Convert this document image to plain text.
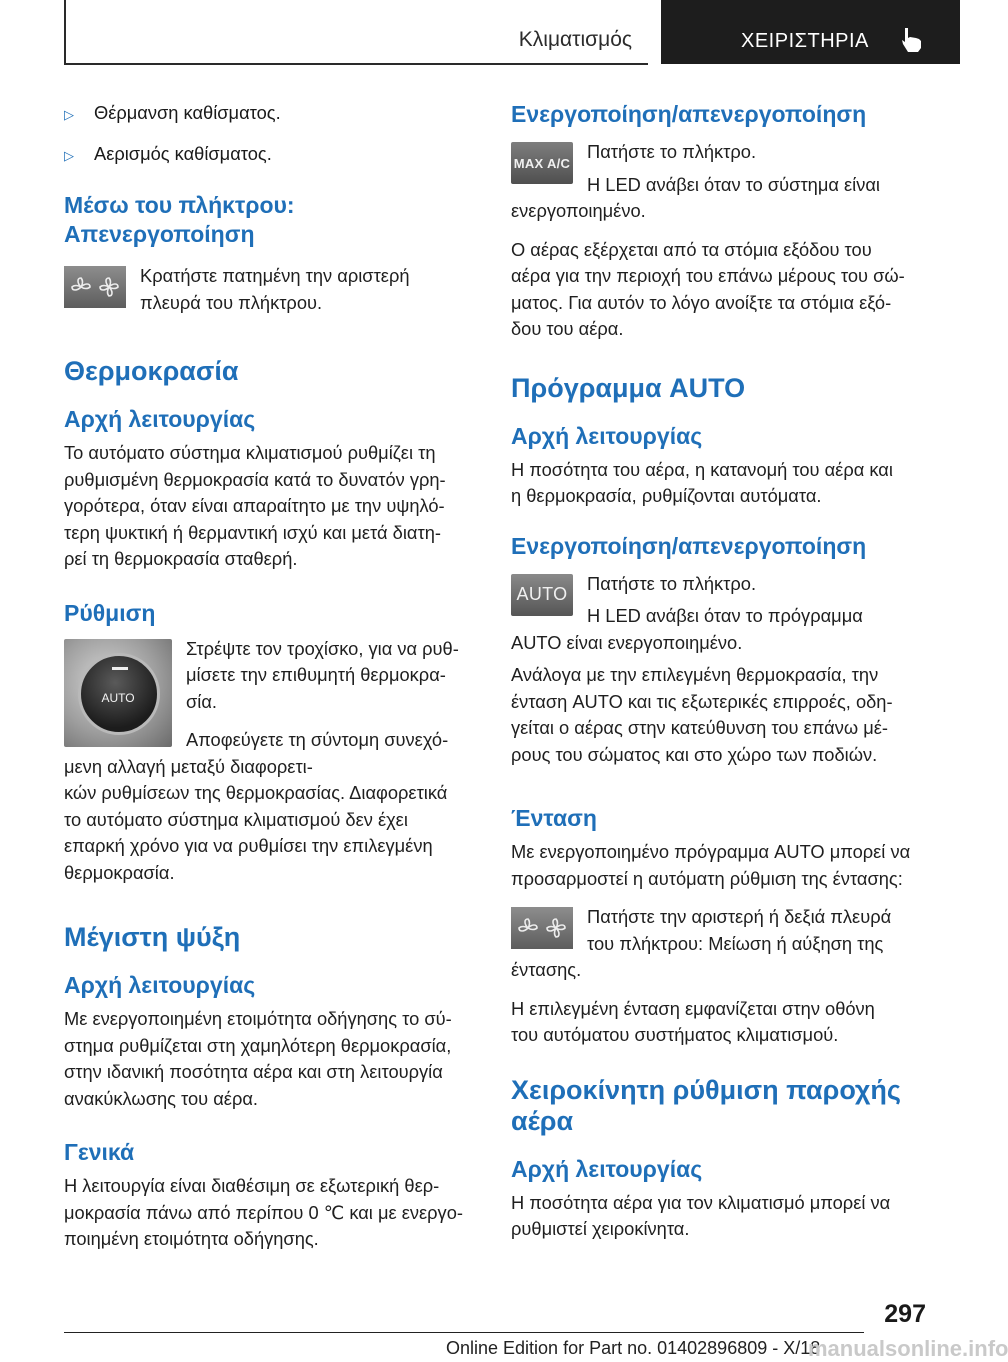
Κλιματισμός	ΧΕΙΡΙΣΤΗΡΙΑ
▷	Θέρμανση καθίσματος.
▷	Αερισμός καθίσματος.
Μέσω του πλήκτρου:
Απενεργοποίηση

Κρατήστε πατημένη την αριστερή
πλευρά του πλήκτρου.

Θερμοκρασία
Αρχή λειτουργίας

Το αυτόματο σύστημα κλιματισμού ρυθμίζει τη
ρυθμισμένη θερμοκρασία κατά το δυνατόν γρη-
γορότερα, όταν είναι απαραίτητο με την υψηλό-
τερη ψυκτική ή θερμαντική ισχύ και μετά διατη-
ρεί τη θερμοκρασία σταθερή.

Ρύθμιση
AUTO

Στρέψτε τον τροχίσκο, για να ρυθ-
μίσετε την επιθυμητή θερμοκρα-
σία.

Αποφεύγετε τη σύντομη συνεχό-
μενη αλλαγή μεταξύ διαφορετι-
κών ρυθμίσεων της θερμοκρασίας. Διαφορετικά
το αυτόματο σύστημα κλιματισμού δεν έχει
επαρκή χρόνο για να ρυθμίσει την επιλεγμένη
θερμοκρασία.

Μέγιστη ψύξη
Αρχή λειτουργίας

Με ενεργοποιημένη ετοιμότητα οδήγησης το σύ-
στημα ρυθμίζεται στη χαμηλότερη θερμοκρασία,
στην ιδανική ποσότητα αέρα και στη λειτουργία
ανακύκλωσης του αέρα.

Γενικά

Η λειτουργία είναι διαθέσιμη σε εξωτερική θερ-
μοκρασία πάνω από περίπου 0 ℃ και με ενεργο-
ποιημένη ετοιμότητα οδήγησης.

Ενεργοποίηση/απενεργοποίηση
MAX A/C

Πατήστε το πλήκτρο.

Η LED ανάβει όταν το σύστημα είναι
ενεργοποιημένο.

Ο αέρας εξέρχεται από τα στόμια εξόδου του
αέρα για την περιοχή του επάνω μέρους του σώ-
ματος. Για αυτόν το λόγο ανοίξτε τα στόμια εξό-
δου του αέρα.

Πρόγραμμα AUTO
Αρχή λειτουργίας

Η ποσότητα του αέρα, η κατανομή του αέρα και
η θερμοκρασία, ρυθμίζονται αυτόματα.

Ενεργοποίηση/απενεργοποίηση
AUTO

Πατήστε το πλήκτρο.

Η LED ανάβει όταν το πρόγραμμα
AUTO είναι ενεργοποιημένο.

Ανάλογα με την επιλεγμένη θερμοκρασία, την
ένταση AUTO και τις εξωτερικές επιρροές, οδη-
γείται ο αέρας στην κατεύθυνση του επάνω μέ-
ρους του σώματος και στο χώρο των ποδιών.

Ένταση

Με ενεργοποιημένο πρόγραμμα AUTO μπορεί να
προσαρμοστεί η αυτόματη ρύθμιση της έντασης:

Πατήστε την αριστερή ή δεξιά πλευρά
του πλήκτρου: Μείωση ή αύξηση της
έντασης.

Η επιλεγμένη ένταση εμφανίζεται στην οθόνη
του αυτόματου συστήματος κλιματισμού.

Χειροκίνητη ρύθμιση παροχής
αέρα
Αρχή λειτουργίας

Η ποσότητα αέρα για τον κλιματισμό μπορεί να
ρυθμιστεί χειροκίνητα.

297
Online Edition for Part no. 01402896809 - X/18
manualsonline.info
